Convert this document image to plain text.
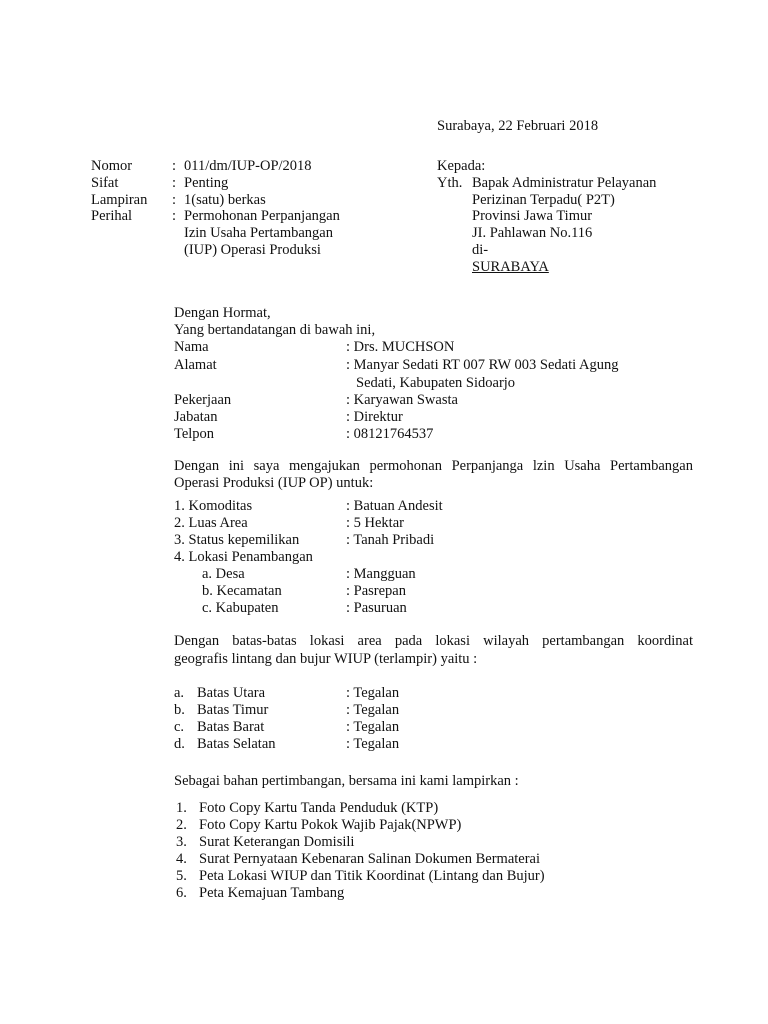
Surabaya, 22 Februari 2018
Nomor	: 011/dm/IUP-OP/2018
Sifat	: Penting
Lampiran : 1(satu) berkas
Perihal	: Permohonan Perpanjangan
Izin Usaha Pertambangan
(IUP) Operasi Produksi
Kepada:
Yth. Bapak Administratur Pelayanan
Perizinan Terpadu( P2T)
Provinsi Jawa Timur
JI. Pahlawan No.116
di-
SURABAYA
Dengan Hormat,
Yang bertandatangan di bawah ini,
Nama	: Drs. MUCHSON
Alamat	: Manyar Sedati RT 007 RW 003 Sedati Agung
Sedati, Kabupaten Sidoarjo
Pekerjaan	: Karyawan Swasta
Jabatan	: Direktur
Telpon	: 08121764537
Dengan ini saya mengajukan permohonan Perpanjanga lzin Usaha Pertambangan
Operasi Produksi (IUP OP) untuk:
1. Komoditas	: Batuan Andesit
2. Luas Area	: 5 Hektar
3. Status kepemilikan	: Tanah Pribadi
4. Lokasi Penambangan
a. Desa	: Mangguan
b. Kecamatan	: Pasrepan
c. Kabupaten	: Pasuruan
Dengan batas-batas lokasi area pada lokasi wilayah pertambangan koordinat
geografis lintang dan bujur WIUP (terlampir) yaitu :
a. Batas Utara	: Tegalan
b. Batas Timur	: Tegalan
c. Batas Barat	: Tegalan
d. Batas Selatan	: Tegalan
Sebagai bahan pertimbangan, bersama ini kami lampirkan :
1. Foto Copy Kartu Tanda Penduduk (KTP)
2. Foto Copy Kartu Pokok Wajib Pajak(NPWP)
3. Surat Keterangan Domisili
4. Surat Pernyataan Kebenaran Salinan Dokumen Bermaterai
5. Peta Lokasi WIUP dan Titik Koordinat (Lintang dan Bujur)
6. Peta Kemajuan Tambang
